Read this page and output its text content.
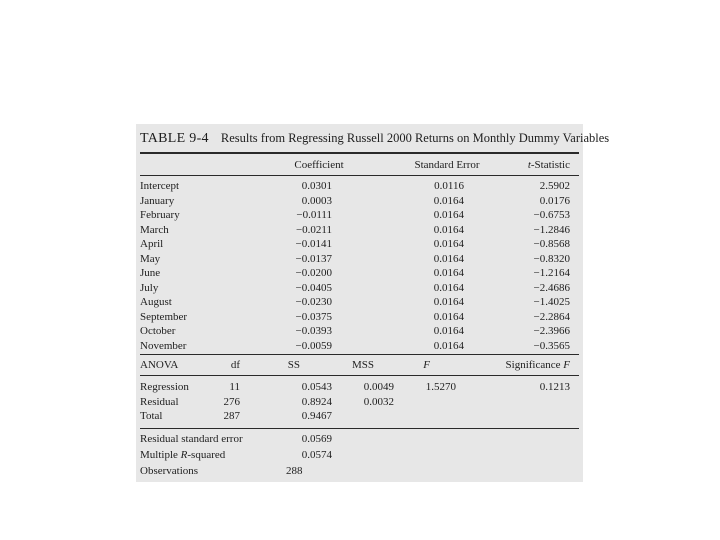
TABLE 9-4 Results from Regressing Russell 2000 Returns on Monthly Dummy Variables
Coefficient	Standard Error	t-Statistic
Intercept	0.0301	0.0116	2.5902
January	0.0003	0.0164	0.0176
February	−0.0111	0.0164	−0.6753
March	−0.0211	0.0164	−1.2846
April	−0.0141	0.0164	−0.8568
May	−0.0137	0.0164	−0.8320
June	−0.0200	0.0164	−1.2164
July	−0.0405	0.0164	−2.4686
August	−0.0230	0.0164	−1.4025
September	−0.0375	0.0164	−2.2864
October	−0.0393	0.0164	−2.3966
November	−0.0059	0.0164	−0.3565
ANOVA	df	SS	MSS	F	Significance F
Regression	11	0.0543	0.0049	1.5270	0.1213
Residual	276	0.8924	0.0032
Total	287	0.9467
Residual standard error	0.0569
Multiple R-squared	0.0574
Observations	288
